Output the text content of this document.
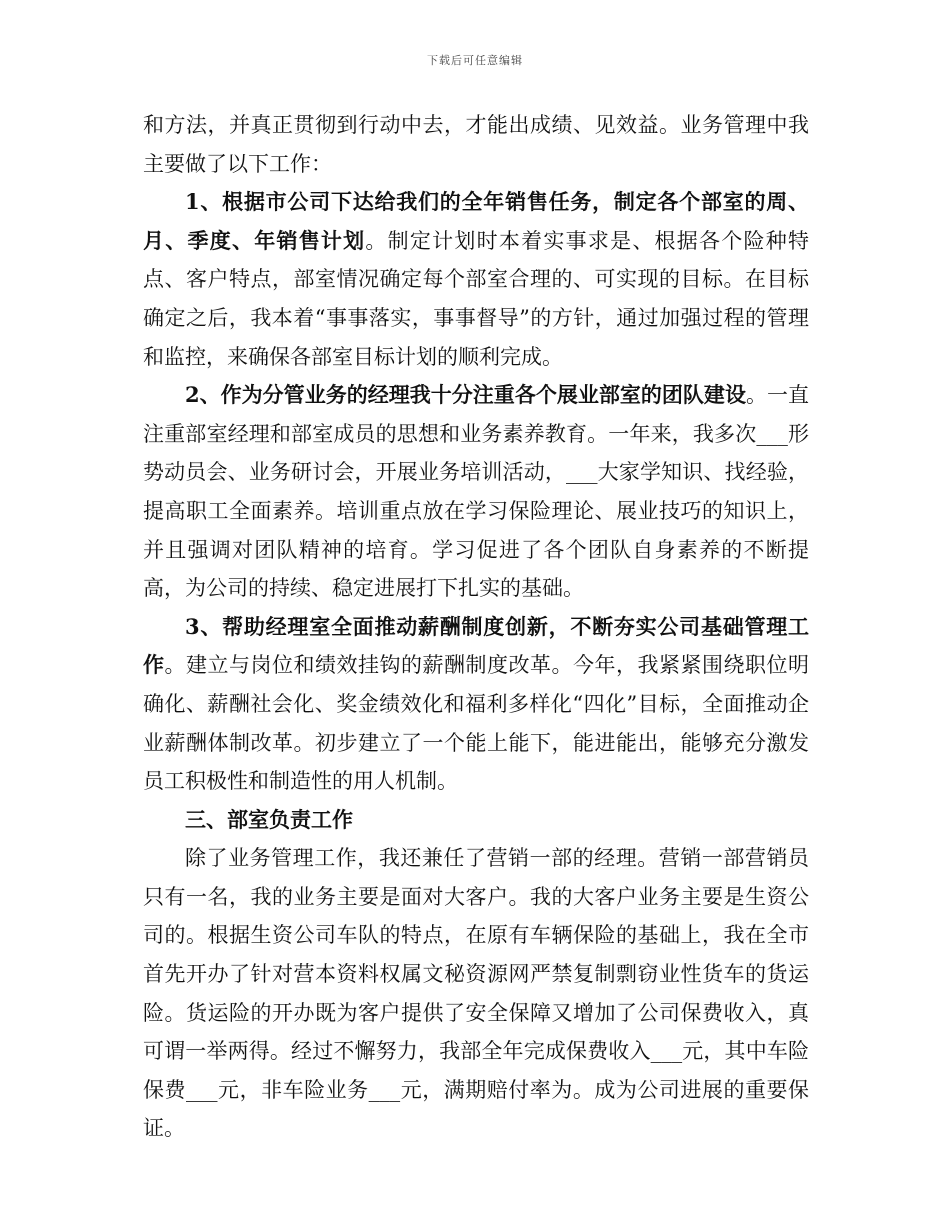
下载后可任意编辑

和方法，并真正贯彻到行动中去，才能出成绩、见效益。业务管理中我主要做了以下工作：

1、根据市公司下达给我们的全年销售任务，制定各个部室的周、月、季度、年销售计划。制定计划时本着实事求是、根据各个险种特点、客户特点，部室情况确定每个部室合理的、可实现的目标。在目标确定之后，我本着“事事落实，事事督导”的方针，通过加强过程的管理和监控，来确保各部室目标计划的顺利完成。

2、作为分管业务的经理我十分注重各个展业部室的团队建设。一直注重部室经理和部室成员的思想和业务素养教育。一年来，我多次___形势动员会、业务研讨会，开展业务培训活动，___大家学知识、找经验，提高职工全面素养。培训重点放在学习保险理论、展业技巧的知识上，并且强调对团队精神的培育。学习促进了各个团队自身素养的不断提高，为公司的持续、稳定进展打下扎实的基础。

3、帮助经理室全面推动薪酬制度创新，不断夯实公司基础管理工作。建立与岗位和绩效挂钩的薪酬制度改革。今年，我紧紧围绕职位明确化、薪酬社会化、奖金绩效化和福利多样化“四化”目标，全面推动企业薪酬体制改革。初步建立了一个能上能下，能进能出，能够充分激发员工积极性和制造性的用人机制。

三、部室负责工作

除了业务管理工作，我还兼任了营销一部的经理。营销一部营销员只有一名，我的业务主要是面对大客户。我的大客户业务主要是生资公司的。根据生资公司车队的特点，在原有车辆保险的基础上，我在全市首先开办了针对营本资料权属文秘资源网严禁复制剽窃业性货车的货运险。货运险的开办既为客户提供了安全保障又增加了公司保费收入，真可谓一举两得。经过不懈努力，我部全年完成保费收入___元，其中车险保费___元，非车险业务___元，满期赔付率为。成为公司进展的重要保证。
